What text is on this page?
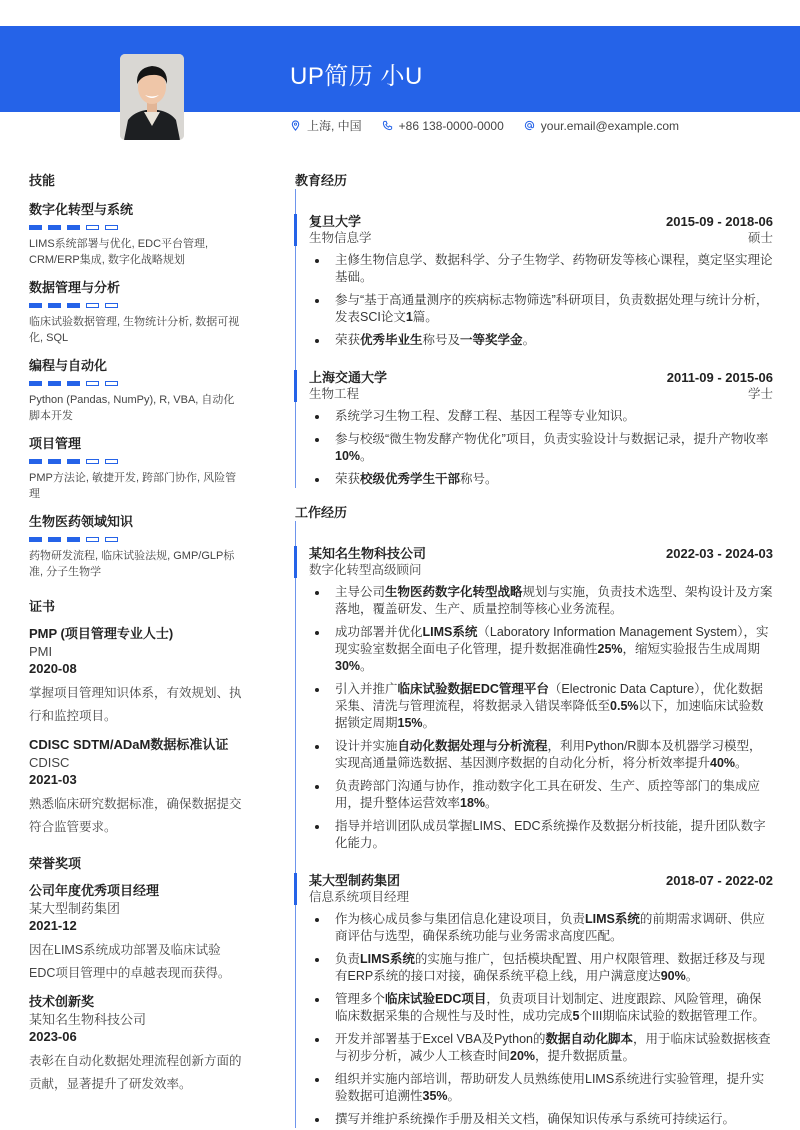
UP简历 小U
上海, 中国	+86 138-0000-0000	your.email@example.com
技能
数字化转型与系统
LIMS系统部署与优化, EDC平台管理, CRM/ERP集成, 数字化战略规划
数据管理与分析
临床试验数据管理, 生物统计分析, 数据可视化, SQL
编程与自动化
Python (Pandas, NumPy), R, VBA, 自动化脚本开发
项目管理
PMP方法论, 敏捷开发, 跨部门协作, 风险管理
生物医药领域知识
药物研发流程, 临床试验法规, GMP/GLP标准, 分子生物学
证书
PMP (项目管理专业人士)
PMI
2020-08
掌握项目管理知识体系，有效规划、执行和监控项目。
CDISC SDTM/ADaM数据标准认证
CDISC
2021-03
熟悉临床研究数据标准，确保数据提交符合监管要求。
荣誉奖项
公司年度优秀项目经理
某大型制药集团
2021-12
因在LIMS系统成功部署及临床试验EDC项目管理中的卓越表现而获得。
技术创新奖
某知名生物科技公司
2023-06
表彰在自动化数据处理流程创新方面的贡献，显著提升了研发效率。
教育经历
复旦大学	2015-09 - 2018-06
生物信息学	硕士
主修生物信息学、数据科学、分子生物学、药物研发等核心课程，奠定坚实理论基础。
参与“基于高通量测序的疾病标志物筛选”科研项目，负责数据处理与统计分析，发表SCI论文1篇。
荣获优秀毕业生称号及一等奖学金。
上海交通大学	2011-09 - 2015-06
生物工程	学士
系统学习生物工程、发酵工程、基因工程等专业知识。
参与校级“微生物发酵产物优化”项目，负责实验设计与数据记录，提升产物收率10%。
荣获校级优秀学生干部称号。
工作经历
某知名生物科技公司	2022-03 - 2024-03
数字化转型高级顾问
主导公司生物医药数字化转型战略规划与实施，负责技术选型、架构设计及方案落地，覆盖研发、生产、质量控制等核心业务流程。
成功部署并优化LIMS系统（Laboratory Information Management System），实现实验室数据全面电子化管理，提升数据准确性25%，缩短实验报告生成周期30%。
引入并推广临床试验数据EDC管理平台（Electronic Data Capture），优化数据采集、清洗与管理流程，将数据录入错误率降低至0.5%以下，加速临床试验数据锁定周期15%。
设计并实施自动化数据处理与分析流程，利用Python/R脚本及机器学习模型，实现高通量筛选数据、基因测序数据的自动化分析，将分析效率提升40%。
负责跨部门沟通与协作，推动数字化工具在研发、生产、质控等部门的集成应用，提升整体运营效率18%。
指导并培训团队成员掌握LIMS、EDC系统操作及数据分析技能，提升团队数字化能力。
某大型制药集团	2018-07 - 2022-02
信息系统项目经理
作为核心成员参与集团信息化建设项目，负责LIMS系统的前期需求调研、供应商评估与选型，确保系统功能与业务需求高度匹配。
负责LIMS系统的实施与推广，包括模块配置、用户权限管理、数据迁移及与现有ERP系统的接口对接，确保系统平稳上线，用户满意度达90%。
管理多个临床试验EDC项目，负责项目计划制定、进度跟踪、风险管理，确保临床数据采集的合规性与及时性，成功完成5个III期临床试验的数据管理工作。
开发并部署基于Excel VBA及Python的数据自动化脚本，用于临床试验数据核查与初步分析，减少人工核查时间20%，提升数据质量。
组织并实施内部培训，帮助研发人员熟练使用LIMS系统进行实验管理，提升实验数据可追溯性35%。
撰写并维护系统操作手册及相关文档，确保知识传承与系统可持续运行。
